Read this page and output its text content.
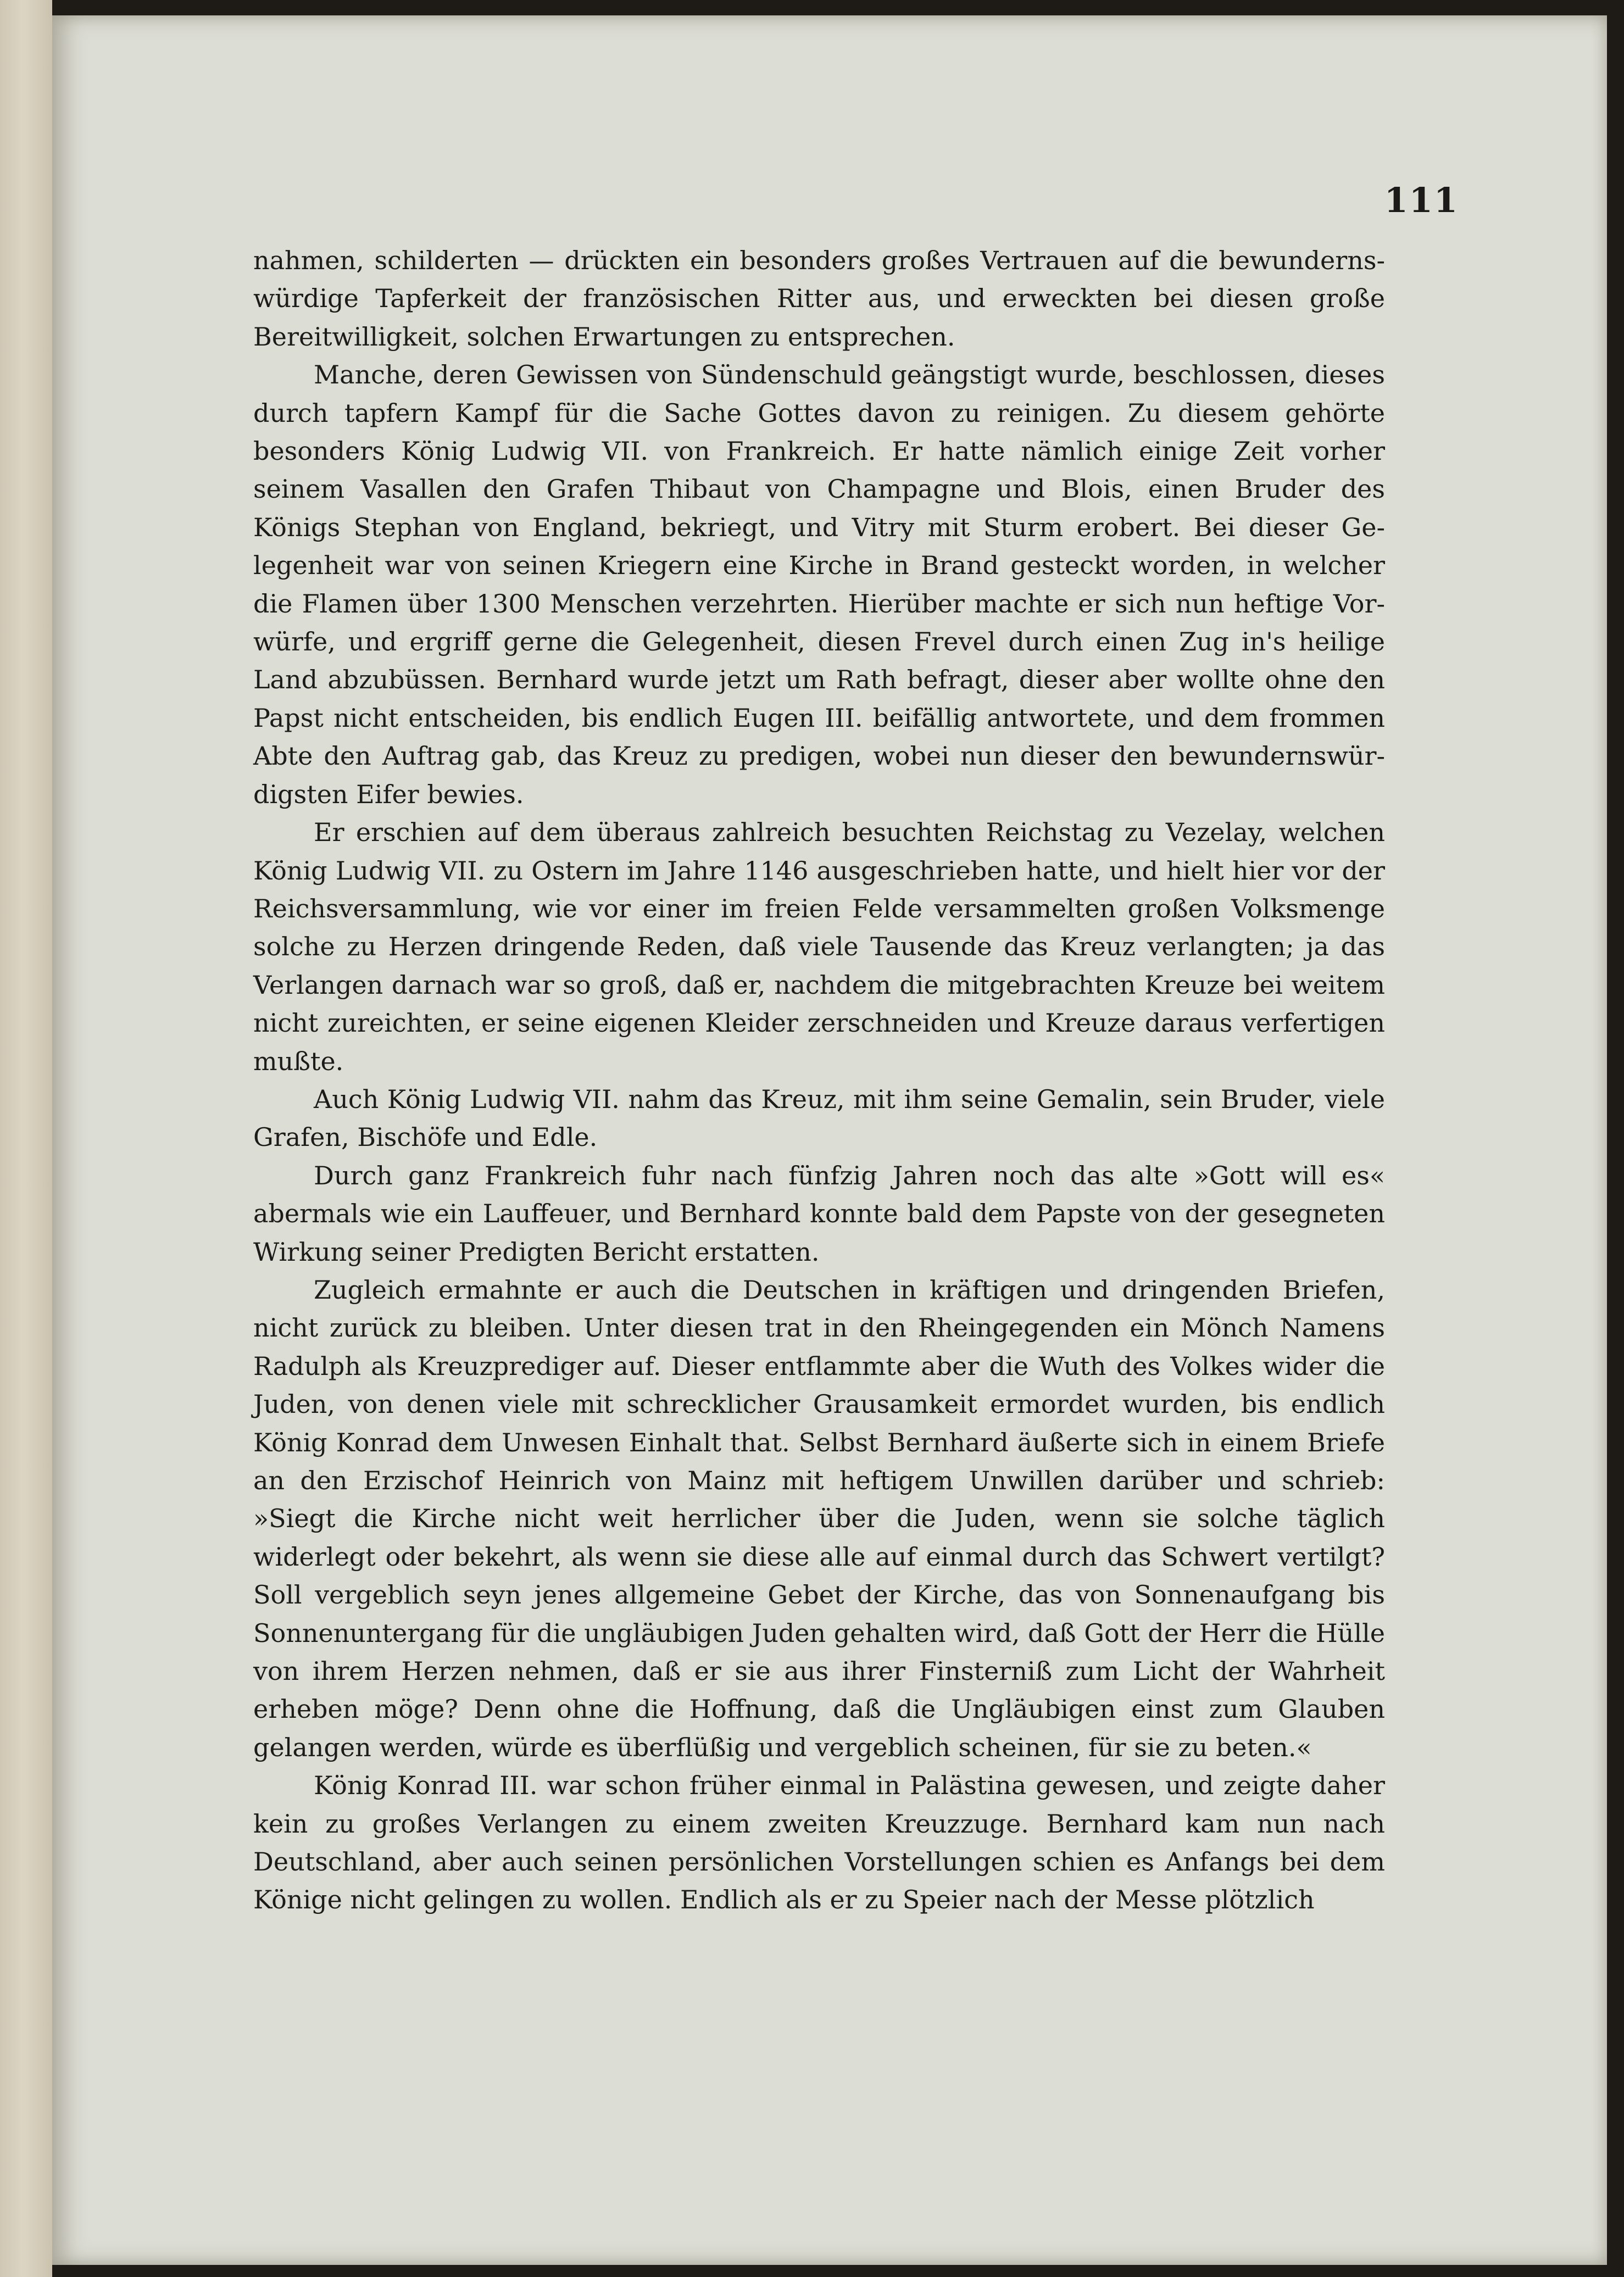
111

nahmen, schilderten — drückten ein besonders großes Vertrauen auf die bewundernswürdige Tapferkeit der französischen Ritter aus, und erweckten bei diesen große Bereitwilligkeit, solchen Erwartungen zu entsprechen.

Manche, deren Gewissen von Sündenschuld geängstigt wurde, beschlossen, dieses durch tapfern Kampf für die Sache Gottes davon zu reinigen. Zu diesem gehörte besonders König Ludwig VII. von Frankreich. Er hatte nämlich einige Zeit vorher seinem Vasallen den Grafen Thibaut von Champagne und Blois, einen Bruder des Königs Stephan von England, bekriegt, und Vitry mit Sturm erobert. Bei dieser Gelegenheit war von seinen Kriegern eine Kirche in Brand gesteckt worden, in welcher die Flamen über 1300 Menschen verzehrten. Hierüber machte er sich nun heftige Vorwürfe, und ergriff gerne die Gelegenheit, diesen Frevel durch einen Zug in's heilige Land abzubüssen. Bernhard wurde jetzt um Rath befragt, dieser aber wollte ohne den Papst nicht entscheiden, bis endlich Eugen III. beifällig antwortete, und dem frommen Abte den Auftrag gab, das Kreuz zu predigen, wobei nun dieser den bewundernswürdigsten Eifer bewies.

Er erschien auf dem überaus zahlreich besuchten Reichstag zu Vezelay, welchen König Ludwig VII. zu Ostern im Jahre 1146 ausgeschrieben hatte, und hielt hier vor der Reichsversammlung, wie vor einer im freien Felde versammelten großen Volksmenge solche zu Herzen dringende Reden, daß viele Tausende das Kreuz verlangten; ja das Verlangen darnach war so groß, daß er, nachdem die mitgebrachten Kreuze bei weitem nicht zureichten, er seine eigenen Kleider zerschneiden und Kreuze daraus verfertigen mußte.

Auch König Ludwig VII. nahm das Kreuz, mit ihm seine Gemalin, sein Bruder, viele Grafen, Bischöfe und Edle.

Durch ganz Frankreich fuhr nach fünfzig Jahren noch das alte »Gott will es« abermals wie ein Lauffeuer, und Bernhard konnte bald dem Papste von der gesegneten Wirkung seiner Predigten Bericht erstatten.

Zugleich ermahnte er auch die Deutschen in kräftigen und dringenden Briefen, nicht zurück zu bleiben. Unter diesen trat in den Rheingegenden ein Mönch Namens Radulph als Kreuzprediger auf. Dieser entflammte aber die Wuth des Volkes wider die Juden, von denen viele mit schrecklicher Grausamkeit ermordet wurden, bis endlich König Konrad dem Unwesen Einhalt that. Selbst Bernhard äußerte sich in einem Briefe an den Erzischof Heinrich von Mainz mit heftigem Unwillen darüber und schrieb: »Siegt die Kirche nicht weit herrlicher über die Juden, wenn sie solche täglich widerlegt oder bekehrt, als wenn sie diese alle auf einmal durch das Schwert vertilgt? Soll vergeblich seyn jenes allgemeine Gebet der Kirche, das von Sonnenaufgang bis Sonnenuntergang für die ungläubigen Juden gehalten wird, daß Gott der Herr die Hülle von ihrem Herzen nehmen, daß er sie aus ihrer Finsterniß zum Licht der Wahrheit erheben möge? Denn ohne die Hoffnung, daß die Ungläubigen einst zum Glauben gelangen werden, würde es überflüßig und vergeblich scheinen, für sie zu beten.«

König Konrad III. war schon früher einmal in Palästina gewesen, und zeigte daher kein zu großes Verlangen zu einem zweiten Kreuzzuge. Bernhard kam nun nach Deutschland, aber auch seinen persönlichen Vorstellungen schien es Anfangs bei dem Könige nicht gelingen zu wollen. Endlich als er zu Speier nach der Messe plötzlich
